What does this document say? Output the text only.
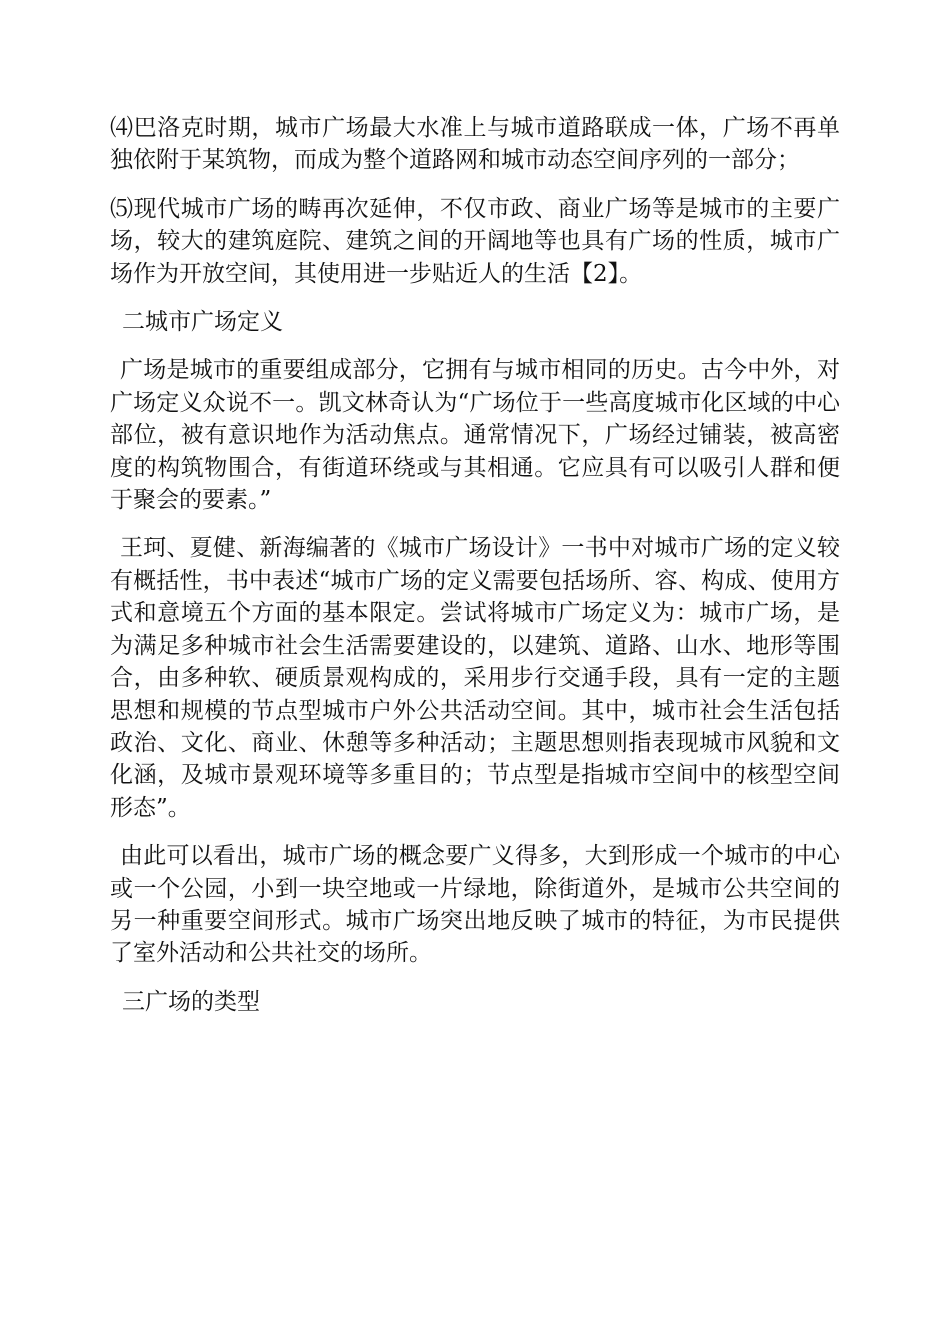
⑷巴洛克时期，城市广场最大水准上与城市道路联成一体，广场不再单独依附于某筑物，而成为整个道路网和城市动态空间序列的一部分；

⑸现代城市广场的畴再次延伸，不仅市政、商业广场等是城市的主要广场，较大的建筑庭院、建筑之间的开阔地等也具有广场的性质，城市广场作为开放空间，其使用进一步贴近人的生活【2】。

二城市广场定义

广场是城市的重要组成部分，它拥有与城市相同的历史。古今中外，对广场定义众说不一。凯文林奇认为“广场位于一些高度城市化区域的中心部位，被有意识地作为活动焦点。通常情况下，广场经过铺装，被高密度的构筑物围合，有街道环绕或与其相通。它应具有可以吸引人群和便于聚会的要素。”

王珂、夏健、新海编著的《城市广场设计》一书中对城市广场的定义较有概括性，书中表述“城市广场的定义需要包括场所、容、构成、使用方式和意境五个方面的基本限定。尝试将城市广场定义为：城市广场，是为满足多种城市社会生活需要建设的，以建筑、道路、山水、地形等围合，由多种软、硬质景观构成的，采用步行交通手段，具有一定的主题思想和规模的节点型城市户外公共活动空间。其中，城市社会生活包括政治、文化、商业、休憩等多种活动；主题思想则指表现城市风貌和文化涵，及城市景观环境等多重目的；节点型是指城市空间中的核型空间形态”。

由此可以看出，城市广场的概念要广义得多，大到形成一个城市的中心或一个公园，小到一块空地或一片绿地，除街道外，是城市公共空间的另一种重要空间形式。城市广场突出地反映了城市的特征，为市民提供了室外活动和公共社交的场所。

三广场的类型
